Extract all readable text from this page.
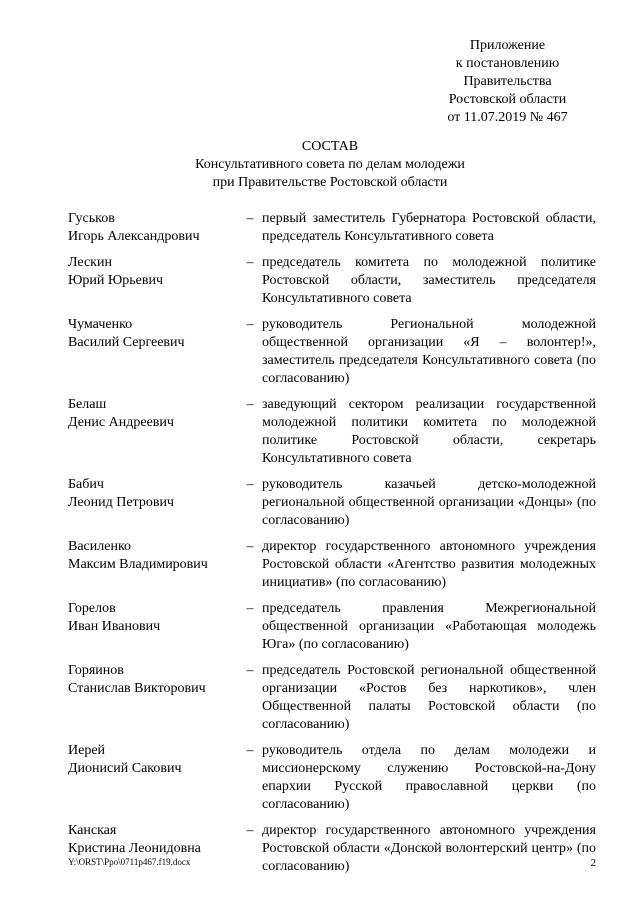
Приложение
к постановлению
Правительства
Ростовской области
от 11.07.2019 № 467
СОСТАВ
Консультативного совета по делам молодежи
при Правительстве Ростовской области
Гуськов
Игорь Александрович
– первый заместитель Губернатора Ростовской области, председатель Консультативного совета
Лескин
Юрий Юрьевич
– председатель комитета по молодежной политике Ростовской области, заместитель председателя Консультативного совета
Чумаченко
Василий Сергеевич
– руководитель Региональной молодежной общественной организации «Я – волонтер!», заместитель председателя Консультативного совета (по согласованию)
Белаш
Денис Андреевич
– заведующий сектором реализации государственной молодежной политики комитета по молодежной политике Ростовской области, секретарь Консультативного совета
Бабич
Леонид Петрович
– руководитель казачьей детско-молодежной региональной общественной организации «Донцы» (по согласованию)
Василенко
Максим Владимирович
– директор государственного автономного учреждения Ростовской области «Агентство развития молодежных инициатив» (по согласованию)
Горелов
Иван Иванович
– председатель правления Межрегиональной общественной организации «Работающая молодежь Юга» (по согласованию)
Горяинов
Станислав Викторович
– председатель Ростовской региональной общественной организации «Ростов без наркотиков», член Общественной палаты Ростовской области (по согласованию)
Иерей
Дионисий Сакович
– руководитель отдела по делам молодежи и миссионерскому служению Ростовской-на-Дону епархии Русской православной церкви (по согласованию)
Канская
Кристина Леонидовна
– директор государственного автономного учреждения Ростовской области «Донской волонтерский центр» (по согласованию)
Y:\ORST\Ppo\0711p467.f19.docx	2
